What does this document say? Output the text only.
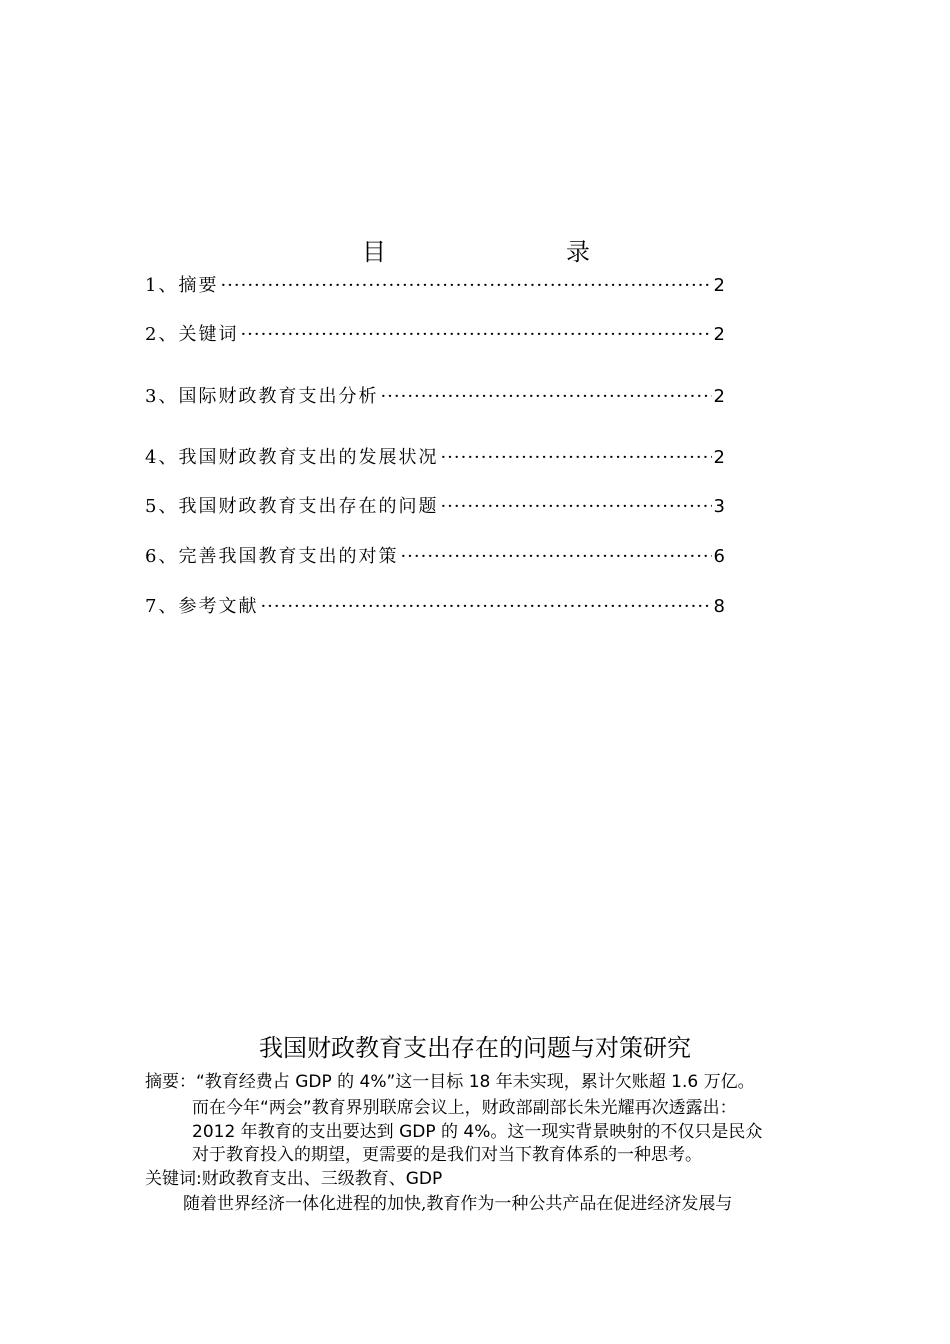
目	录
1、摘要 ·····	2
2、关键词 ·····	2
3、国际财政教育支出分析 ·····	2
4、我国财政教育支出的发展状况 ·····	2
5、我国财政教育支出存在的问题 ·····	3
6、完善我国教育支出的对策 ·····	6
7、参考文献 ·····	8
我国财政教育支出存在的问题与对策研究
摘要：“教育经费占 GDP 的 4%”这一目标 18 年未实现，累计欠账超 1.6 万亿。
而在今年“两会”教育界别联席会议上，财政部副部长朱光耀再次透露出：
2012 年教育的支出要达到 GDP 的 4%。这一现实背景映射的不仅只是民众
对于教育投入的期望，更需要的是我们对当下教育体系的一种思考。
关键词:财政教育支出、三级教育、GDP
随着世界经济一体化进程的加快,教育作为一种公共产品在促进经济发展与
